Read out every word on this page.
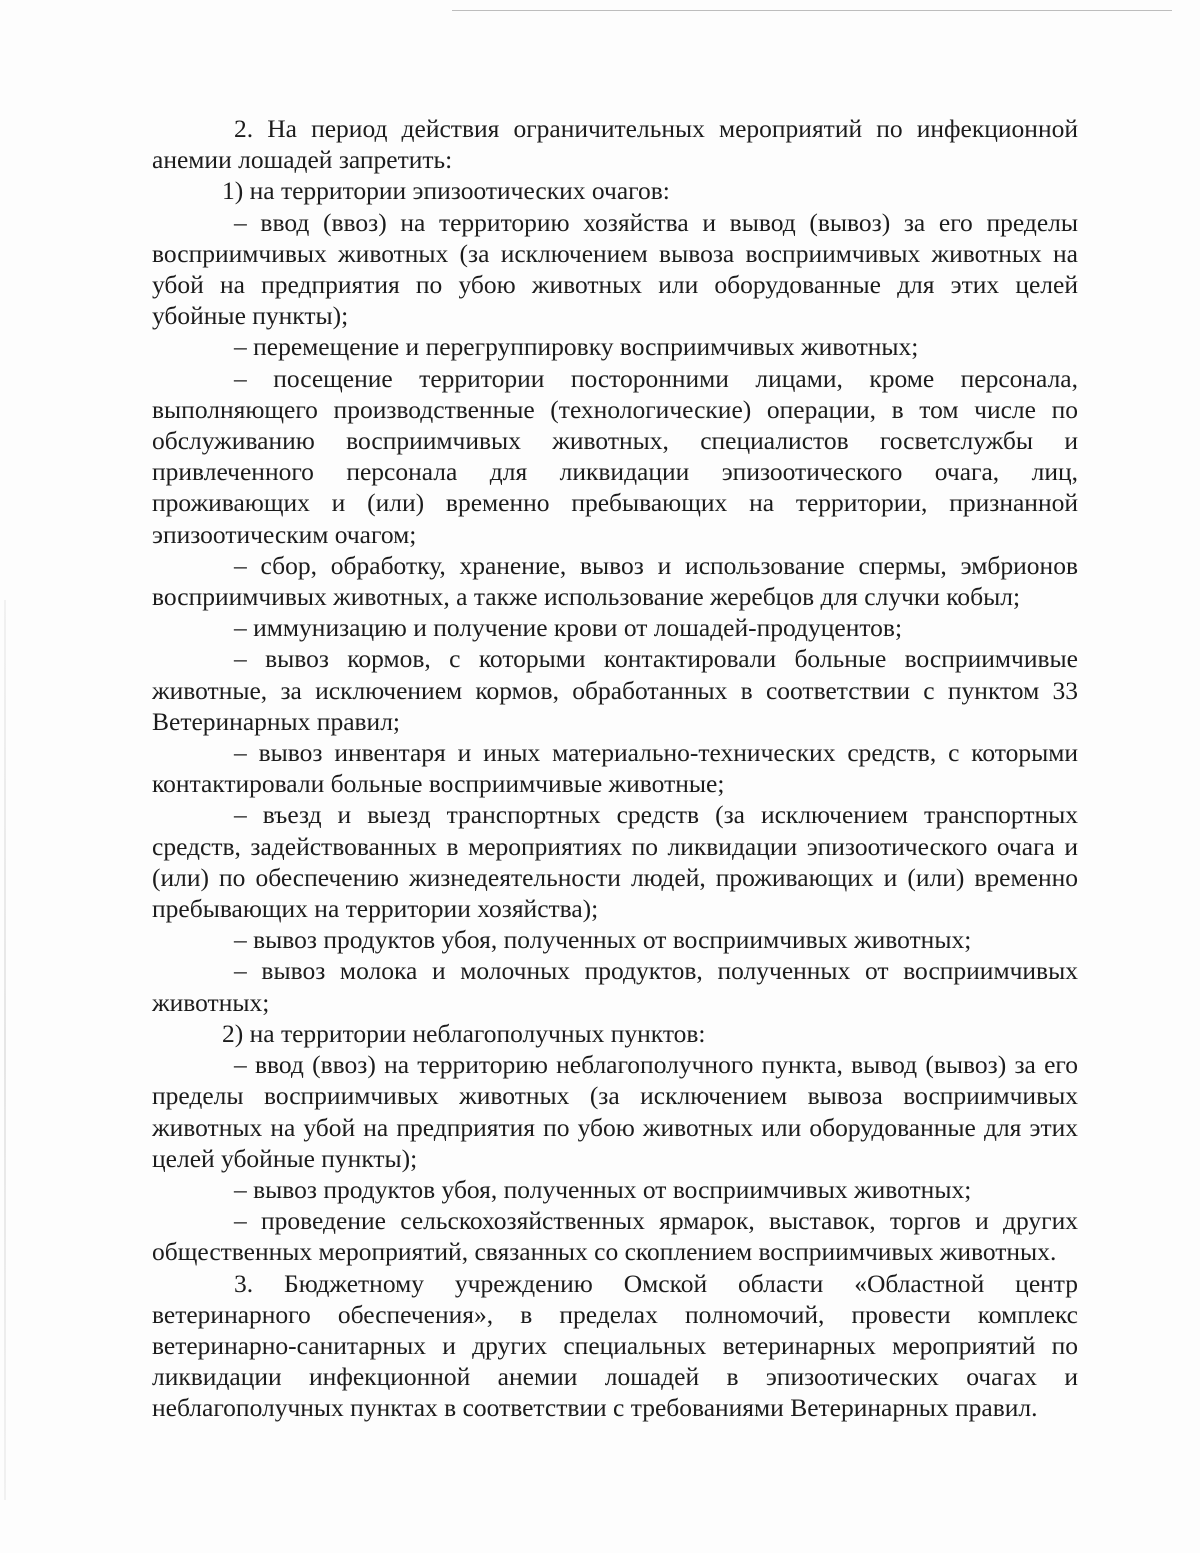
2. На период действия ограничительных мероприятий по инфекционной анемии лошадей запретить:

1) на территории эпизоотических очагов:

– ввод (ввоз) на территорию хозяйства и вывод (вывоз) за его пределы восприимчивых животных (за исключением вывоза восприимчивых животных на убой на предприятия по убою животных или оборудованные для этих целей убойные пункты);

– перемещение и перегруппировку восприимчивых животных;

– посещение территории посторонними лицами, кроме персонала, выполняющего производственные (технологические) операции, в том числе по обслуживанию восприимчивых животных, специалистов госветслужбы и привлеченного персонала для ликвидации эпизоотического очага, лиц, проживающих и (или) временно пребывающих на территории, признанной эпизоотическим очагом;

– сбор, обработку, хранение, вывоз и использование спермы, эмбрионов восприимчивых животных, а также использование жеребцов для случки кобыл;

– иммунизацию и получение крови от лошадей-продуцентов;

– вывоз кормов, с которыми контактировали больные восприимчивые животные, за исключением кормов, обработанных в соответствии с пунктом 33 Ветеринарных правил;

– вывоз инвентаря и иных материально-технических средств, с которыми контактировали больные восприимчивые животные;

– въезд и выезд транспортных средств (за исключением транспортных средств, задействованных в мероприятиях по ликвидации эпизоотического очага и (или) по обеспечению жизнедеятельности людей, проживающих и (или) временно пребывающих на территории хозяйства);

– вывоз продуктов убоя, полученных от восприимчивых животных;

– вывоз молока и молочных продуктов, полученных от восприимчивых животных;

2) на территории неблагополучных пунктов:

– ввод (ввоз) на территорию неблагополучного пункта, вывод (вывоз) за его пределы восприимчивых животных (за исключением вывоза восприимчивых животных на убой на предприятия по убою животных или оборудованные для этих целей убойные пункты);

– вывоз продуктов убоя, полученных от восприимчивых животных;

– проведение сельскохозяйственных ярмарок, выставок, торгов и других общественных мероприятий, связанных со скоплением восприимчивых животных.

3. Бюджетному учреждению Омской области «Областной центр ветеринарного обеспечения», в пределах полномочий, провести комплекс ветеринарно-санитарных и других специальных ветеринарных мероприятий по ликвидации инфекционной анемии лошадей в эпизоотических очагах и неблагополучных пунктах в соответствии с требованиями Ветеринарных правил.
